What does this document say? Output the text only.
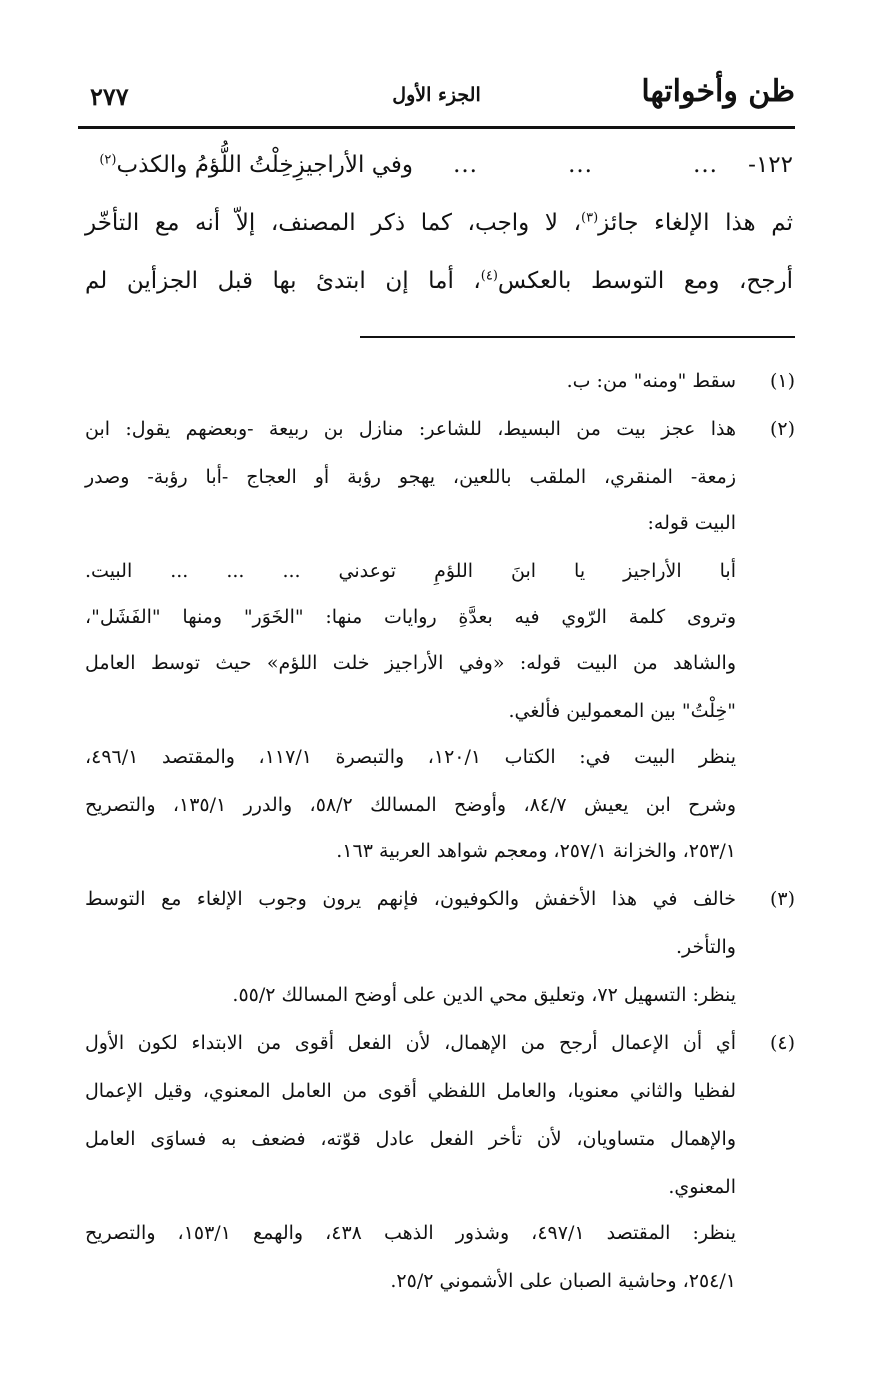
ظن وأخواتها
الجزء الأول
٢٧٧
١٢٢-
...
...
...
وفي الأراجيزِخِلْتُ اللُّؤمُ والكذب$^{(٢)}$
ثم هذا الإلغاء جائز$^{(٣)}$، لا واجب، كما ذكر المصنف، إلاّ أنه مع التأخّر
أرجح، ومع التوسط بالعكس$^{(٤)}$، أما إن ابتدئ بها قبل الجزأين لم
(١)
سقط "ومنه" من: ب.
(٢)
هذا عجز بيت من البسيط، للشاعر: منازل بن ربيعة -وبعضهم يقول: ابن
زمعة- المنقري، الملقب باللعين، يهجو رؤبة أو العجاج -أبا رؤبة- وصدر
البيت قوله:
أبا الأراجيز يا ابنَ اللؤمِ توعدني ... ... ... البيت.
وتروى كلمة الرّوي فيه بعدَّةِ روايات منها: "الخَوَر" ومنها "الفَشَل"،
والشاهد من البيت قوله: «وفي الأراجيز خلت اللؤم» حيث توسط العامل
"خِلْتُ" بين المعمولين فألغي.
ينظر البيت في: الكتاب ١٢٠/١، والتبصرة ١١٧/١، والمقتصد ٤٩٦/١،
وشرح ابن يعيش ٨٤/٧، وأوضح المسالك ٥٨/٢، والدرر ١٣٥/١، والتصريح
٢٥٣/١، والخزانة ٢٥٧/١، ومعجم شواهد العربية ١٦٣.
(٣)
خالف في هذا الأخفش والكوفيون، فإنهم يرون وجوب الإلغاء مع التوسط
والتأخر.
ينظر: التسهيل ٧٢، وتعليق محي الدين على أوضح المسالك ٥٥/٢.
(٤)
أي أن الإعمال أرجح من الإهمال، لأن الفعل أقوى من الابتداء لكون الأول
لفظيا والثاني معنويا، والعامل اللفظي أقوى من العامل المعنوي، وقيل الإعمال
والإهمال متساويان، لأن تأخر الفعل عادل قوّته، فضعف به فساوَى العامل
المعنوي.
ينظر: المقتصد ٤٩٧/١، وشذور الذهب ٤٣٨، والهمع ١٥٣/١، والتصريح
٢٥٤/١، وحاشية الصبان على الأشموني ٢٥/٢.
